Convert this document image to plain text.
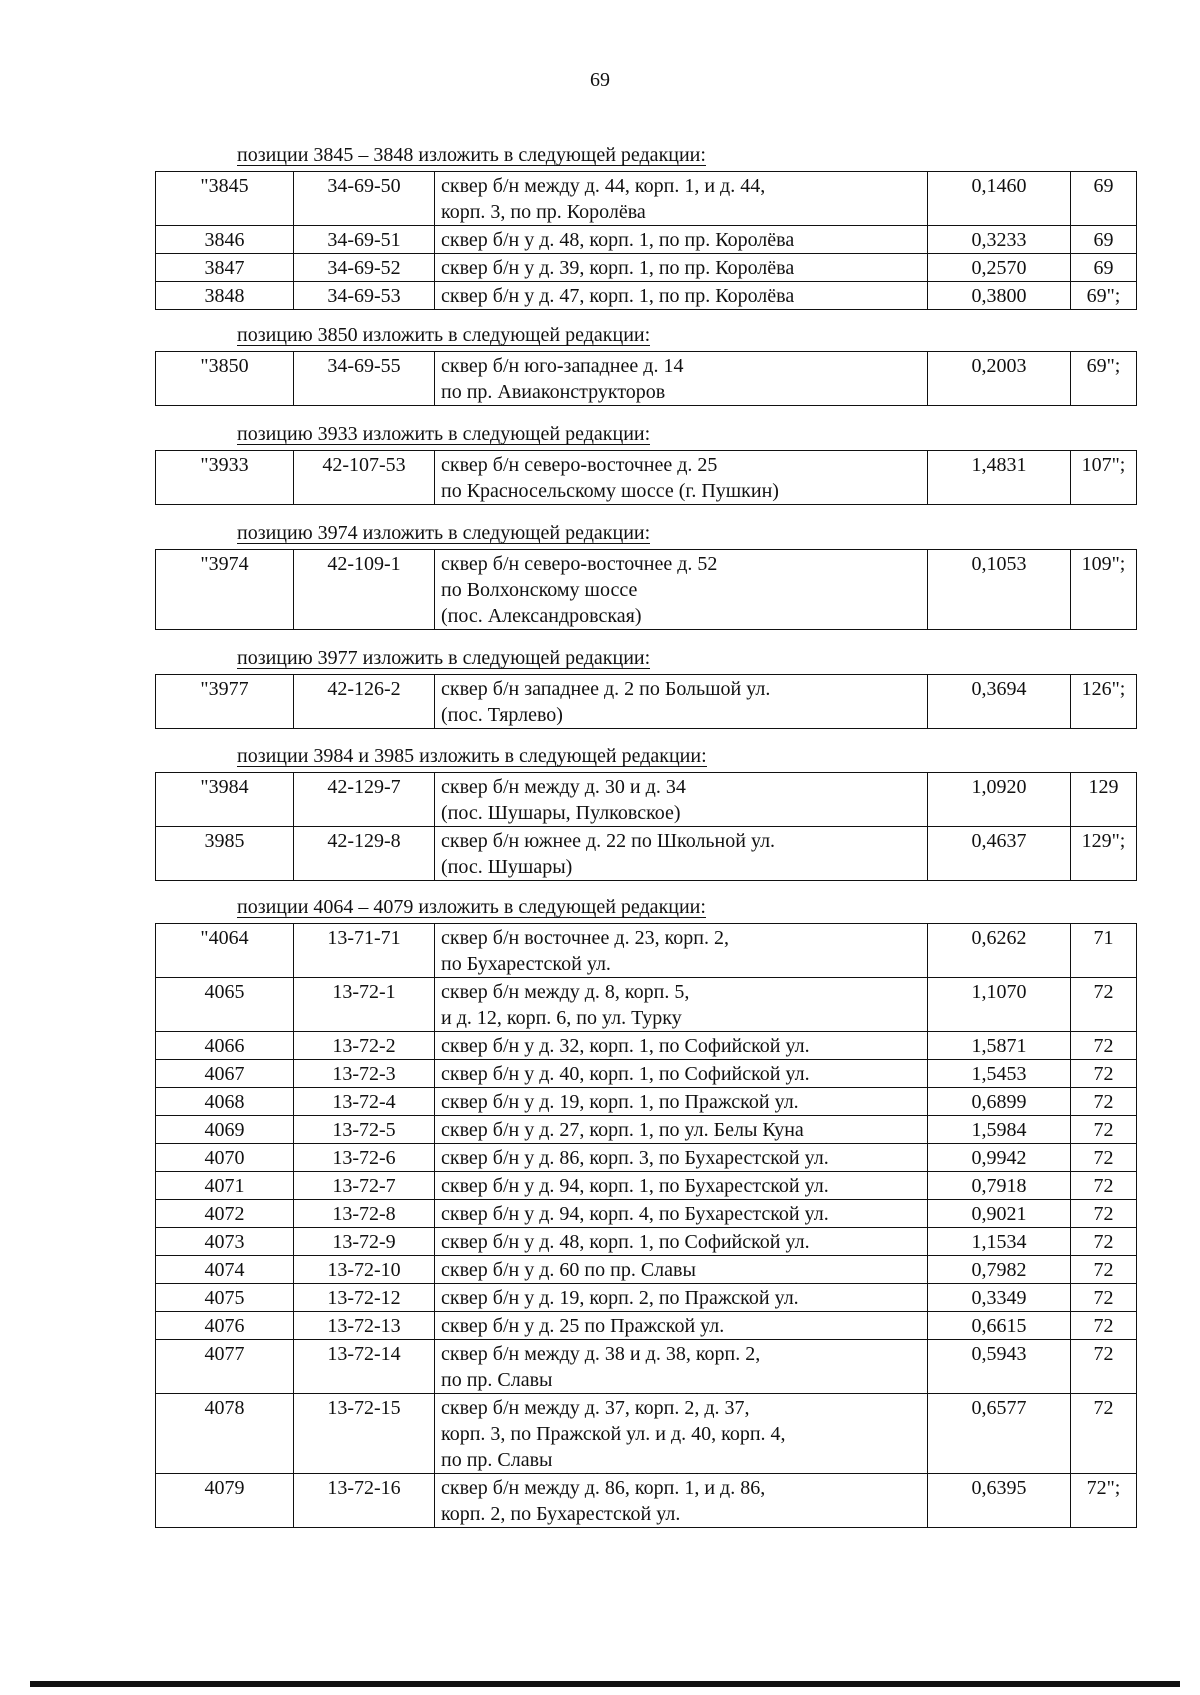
69
позиции 3845 – 3848 изложить в следующей редакции:
"3845	34-69-50	сквер б/н между д. 44, корп. 1, и д. 44,
корп. 3, по пр. Королёва	0,1460	69
3846	34-69-51	сквер б/н у д. 48, корп. 1, по пр. Королёва	0,3233	69
3847	34-69-52	сквер б/н у д. 39, корп. 1, по пр. Королёва	0,2570	69
3848	34-69-53	сквер б/н у д. 47, корп. 1, по пр. Королёва	0,3800	69";
позицию 3850 изложить в следующей редакции:
"3850	34-69-55	сквер б/н юго-западнее д. 14
по пр. Авиаконструкторов	0,2003	69";
позицию 3933 изложить в следующей редакции:
"3933	42-107-53	сквер б/н северо-восточнее д. 25
по Красносельскому шоссе (г. Пушкин)	1,4831	107";
позицию 3974 изложить в следующей редакции:
"3974	42-109-1	сквер б/н северо-восточнее д. 52
по Волхонскому шоссе
(пос. Александровская)	0,1053	109";
позицию 3977 изложить в следующей редакции:
"3977	42-126-2	сквер б/н западнее д. 2 по Большой ул.
(пос. Тярлево)	0,3694	126";
позиции 3984 и 3985 изложить в следующей редакции:
"3984	42-129-7	сквер б/н между д. 30 и д. 34
(пос. Шушары, Пулковское)	1,0920	129
3985	42-129-8	сквер б/н южнее д. 22 по Школьной ул.
(пос. Шушары)	0,4637	129";
позиции 4064 – 4079 изложить в следующей редакции:
"4064	13-71-71	сквер б/н восточнее д. 23, корп. 2,
по Бухарестской ул.	0,6262	71
4065	13-72-1	сквер б/н между д. 8, корп. 5,
и д. 12, корп. 6, по ул. Турку	1,1070	72
4066	13-72-2	сквер б/н у д. 32, корп. 1, по Софийской ул.	1,5871	72
4067	13-72-3	сквер б/н у д. 40, корп. 1, по Софийской ул.	1,5453	72
4068	13-72-4	сквер б/н у д. 19, корп. 1, по Пражской ул.	0,6899	72
4069	13-72-5	сквер б/н у д. 27, корп. 1, по ул. Белы Куна	1,5984	72
4070	13-72-6	сквер б/н у д. 86, корп. 3, по Бухарестской ул.	0,9942	72
4071	13-72-7	сквер б/н у д. 94, корп. 1, по Бухарестской ул.	0,7918	72
4072	13-72-8	сквер б/н у д. 94, корп. 4, по Бухарестской ул.	0,9021	72
4073	13-72-9	сквер б/н у д. 48, корп. 1, по Софийской ул.	1,1534	72
4074	13-72-10	сквер б/н у д. 60 по пр. Славы	0,7982	72
4075	13-72-12	сквер б/н у д. 19, корп. 2, по Пражской ул.	0,3349	72
4076	13-72-13	сквер б/н у д. 25 по Пражской ул.	0,6615	72
4077	13-72-14	сквер б/н между д. 38 и д. 38, корп. 2,
по пр. Славы	0,5943	72
4078	13-72-15	сквер б/н между д. 37, корп. 2, д. 37,
корп. 3, по Пражской ул. и д. 40, корп. 4,
по пр. Славы	0,6577	72
4079	13-72-16	сквер б/н между д. 86, корп. 1, и д. 86,
корп. 2, по Бухарестской ул.	0,6395	72";
